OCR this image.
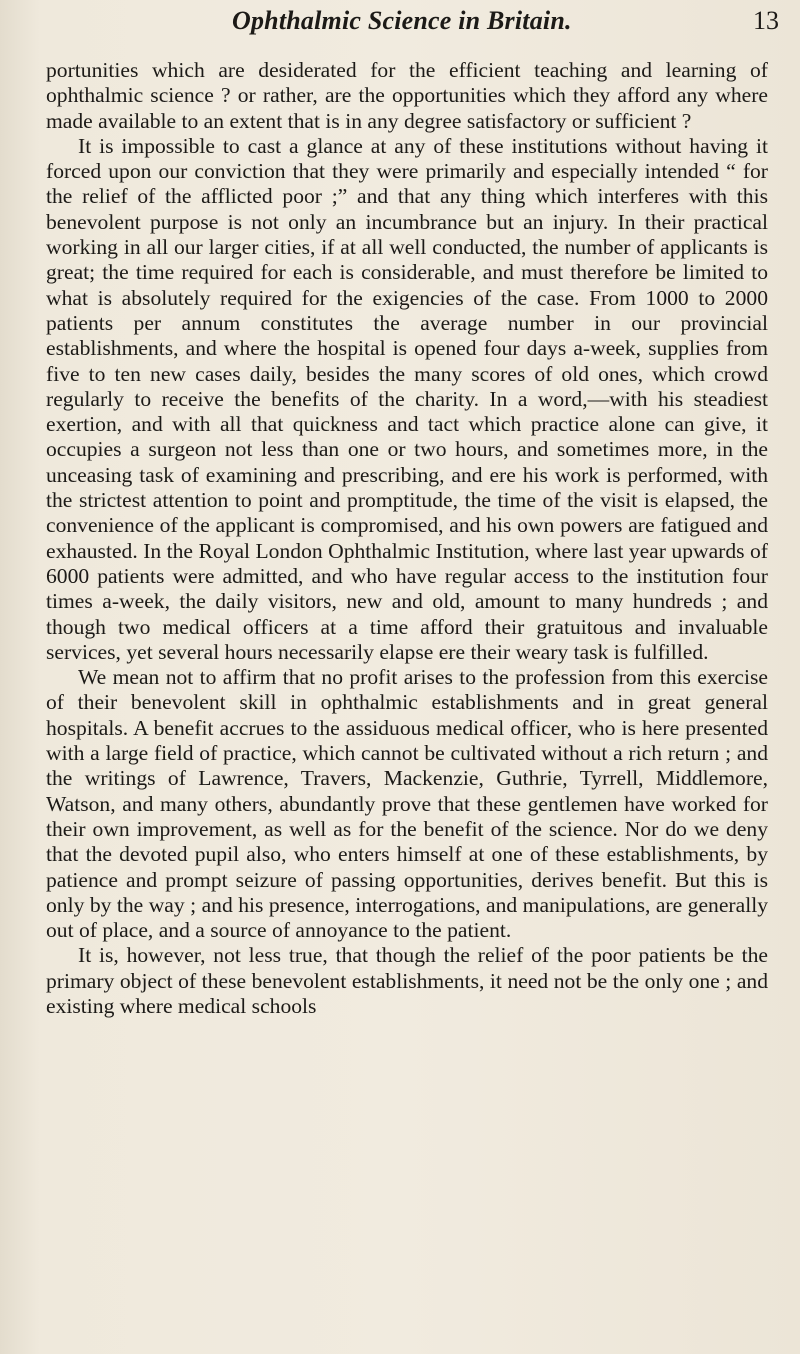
Ophthalmic Science in Britain.	13

portunities which are desiderated for the efficient teaching and learning of ophthalmic science ? or rather, are the opportunities which they afford any where made available to an extent that is in any degree satisfactory or sufficient ?

It is impossible to cast a glance at any of these institutions without having it forced upon our conviction that they were primarily and especially intended “ for the relief of the afflicted poor ;” and that any thing which interferes with this benevolent purpose is not only an incumbrance but an injury. In their practical working in all our larger cities, if at all well conducted, the number of applicants is great; the time required for each is considerable, and must therefore be limited to what is absolutely required for the exigencies of the case. From 1000 to 2000 patients per annum constitutes the average number in our provincial establishments, and where the hospital is opened four days a-week, supplies from five to ten new cases daily, besides the many scores of old ones, which crowd regularly to receive the benefits of the charity. In a word,—with his steadiest exertion, and with all that quickness and tact which practice alone can give, it occupies a surgeon not less than one or two hours, and sometimes more, in the unceasing task of examining and prescribing, and ere his work is performed, with the strictest attention to point and promptitude, the time of the visit is elapsed, the convenience of the applicant is compromised, and his own powers are fatigued and exhausted. In the Royal London Ophthalmic Institution, where last year upwards of 6000 patients were admitted, and who have regular access to the institution four times a-week, the daily visitors, new and old, amount to many hundreds ; and though two medical officers at a time afford their gratuitous and invaluable services, yet several hours necessarily elapse ere their weary task is fulfilled.

We mean not to affirm that no profit arises to the profession from this exercise of their benevolent skill in ophthalmic establishments and in great general hospitals. A benefit accrues to the assiduous medical officer, who is here presented with a large field of practice, which cannot be cultivated without a rich return ; and the writings of Lawrence, Travers, Mackenzie, Guthrie, Tyrrell, Middlemore, Watson, and many others, abundantly prove that these gentlemen have worked for their own improvement, as well as for the benefit of the science. Nor do we deny that the devoted pupil also, who enters himself at one of these establishments, by patience and prompt seizure of passing opportunities, derives benefit. But this is only by the way ; and his presence, interrogations, and manipulations, are generally out of place, and a source of annoyance to the patient.

It is, however, not less true, that though the relief of the poor patients be the primary object of these benevolent establishments, it need not be the only one ; and existing where medical schools
